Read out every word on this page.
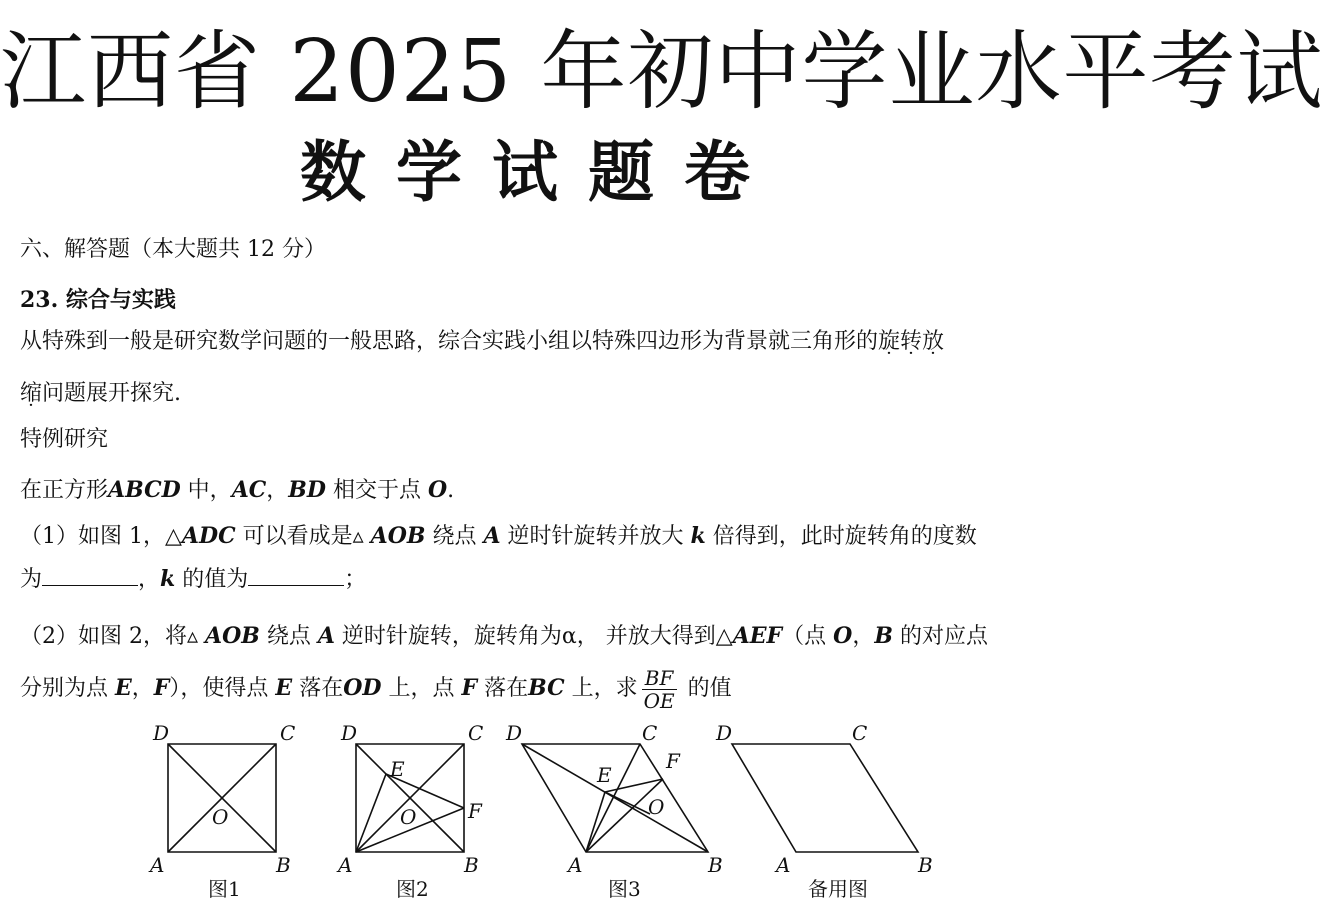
江西省 2025 年初中学业水平考试
数学试题卷
六、解答题（本大题共 12 分）
23. 综合与实践
从特殊到一般是研究数学问题的一般思路，综合实践小组以特殊四边形为背景就三角形的旋转放
缩问题展开探究.
特例研究
在正方形ABCD 中，AC，BD 相交于点 O.
（1）如图 1，△ADC 可以看成是▵ AOB 绕点 A 逆时针旋转并放大 k 倍得到，此时旋转角的度数
为	，k 的值为	；
（2）如图 2，将▵ AOB 绕点 A 逆时针旋转，旋转角为α， 并放大得到△AEF（点 O，B 的对应点
分别为点 E，F），使得点 E 落在OD 上，点 F 落在BC 上，求 $\frac{BF}{OE}$ 的值
D	C
A	B
O
图1
D	C
A	B
O
E
F
图2
D	C
A	B
O
E
F
图3
D	C
A	B
备用图
